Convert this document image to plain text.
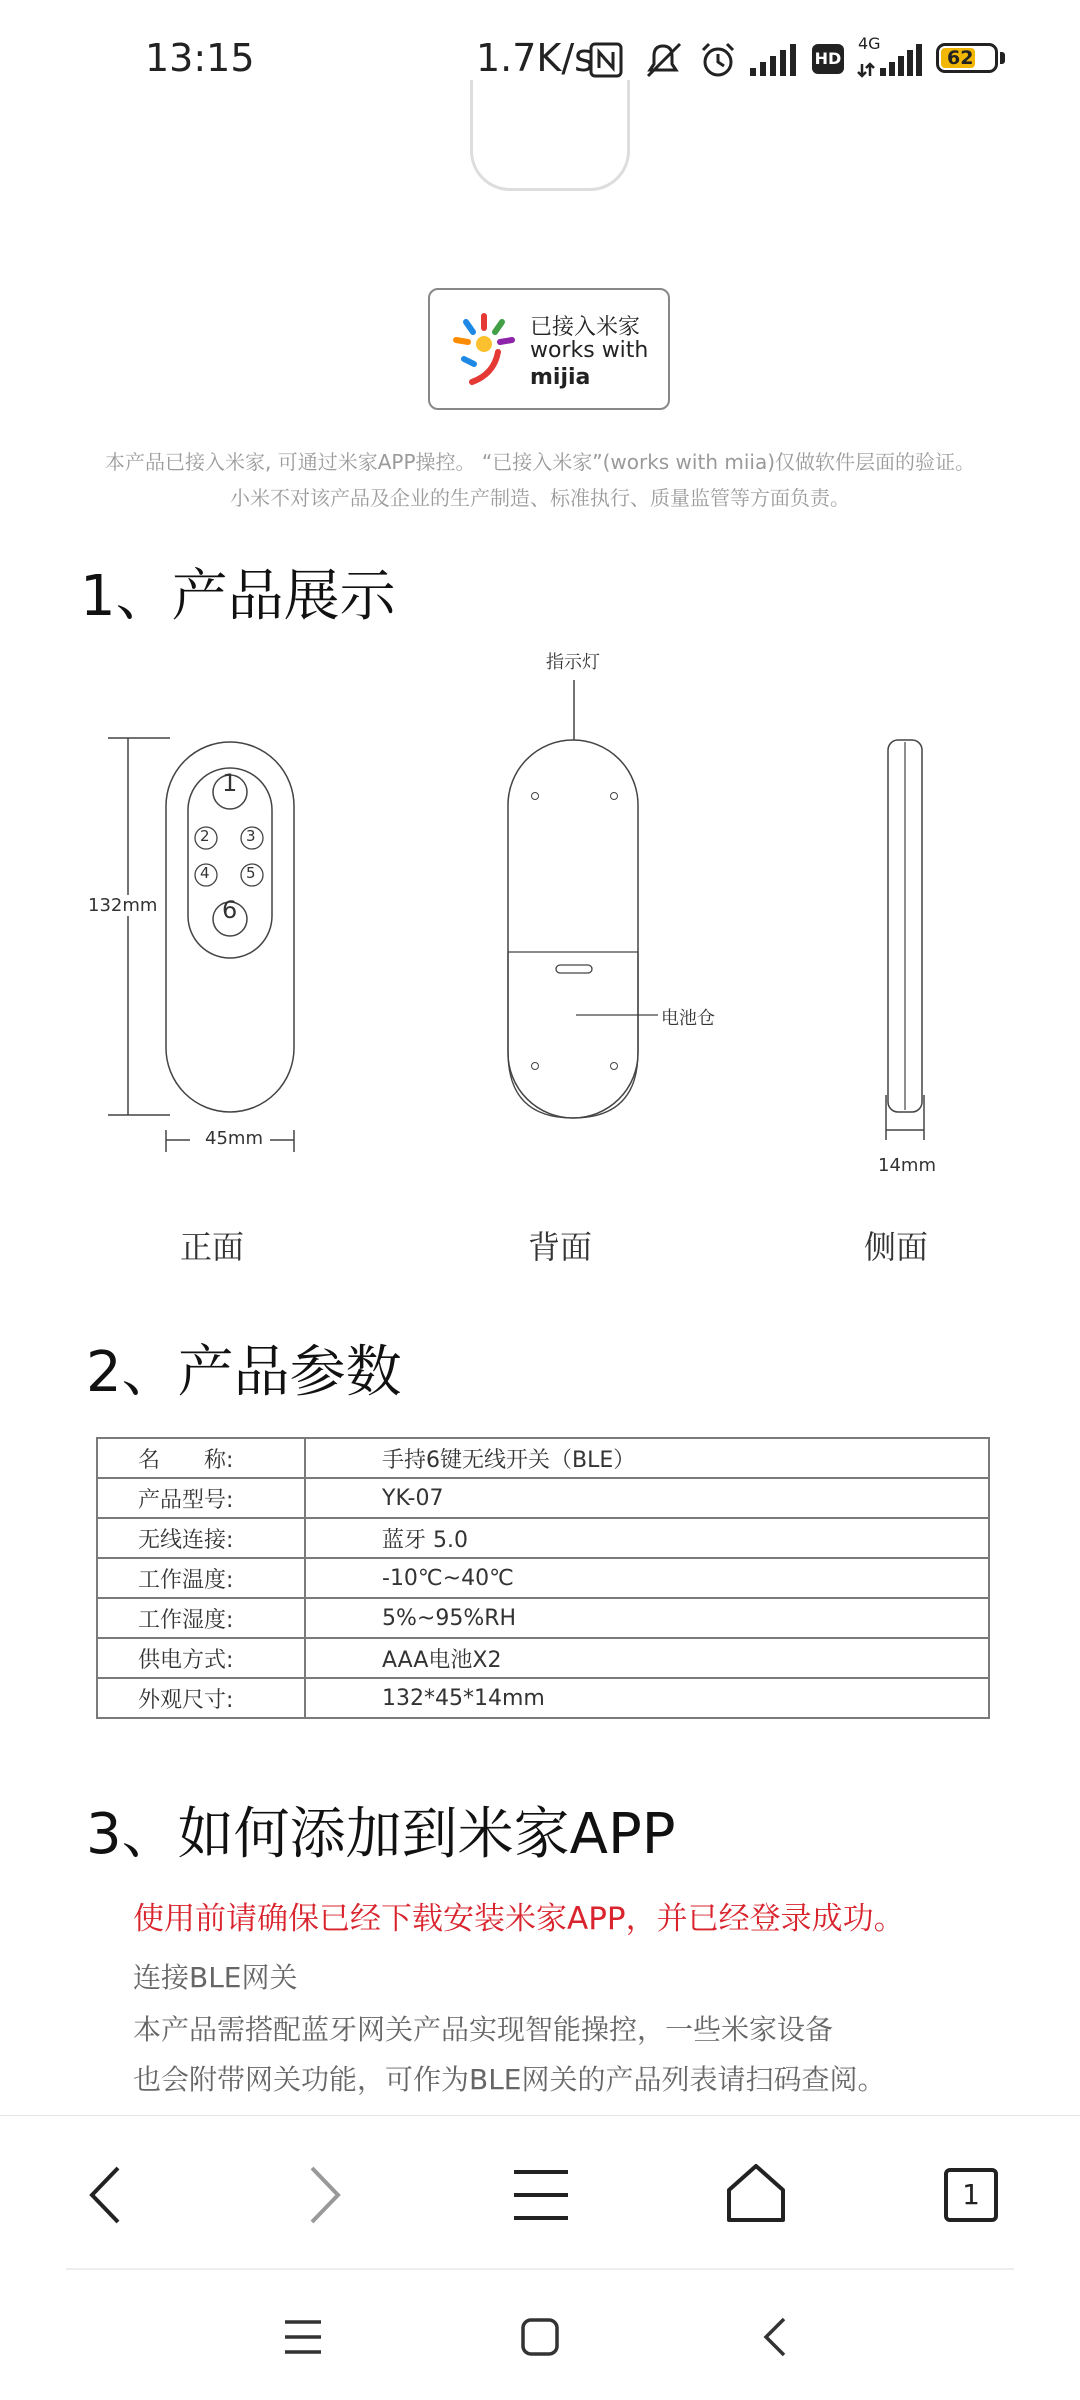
已接入米家
works with
mijia
本产品已接入米家, 可通过米家APP操控。 “已接入米家”(works with miia)仅做软件层面的验证。
小米不对该产品及企业的生产制造、标准执行、质量监管等方面负责。
1、产品展示
1
2 3
4 5
6
132mm
45mm
指示灯
电池仓
14mm
正面	背面	侧面
2、产品参数
名　　称:	手持6键无线开关（BLE）
产品型号:	YK-07
无线连接:	蓝牙 5.0
工作温度:	-10℃~40℃
工作湿度:	5%~95%RH
供电方式:	AAA电池X2
外观尺寸:	132*45*14mm
3、如何添加到米家APP
使用前请确保已经下载安装米家APP，并已经登录成功。
连接BLE网关
本产品需搭配蓝牙网关产品实现智能操控，一些米家设备
也会附带网关功能，可作为BLE网关的产品列表请扫码查阅。
13:15	1.7K/s	HD
4G
62
1
